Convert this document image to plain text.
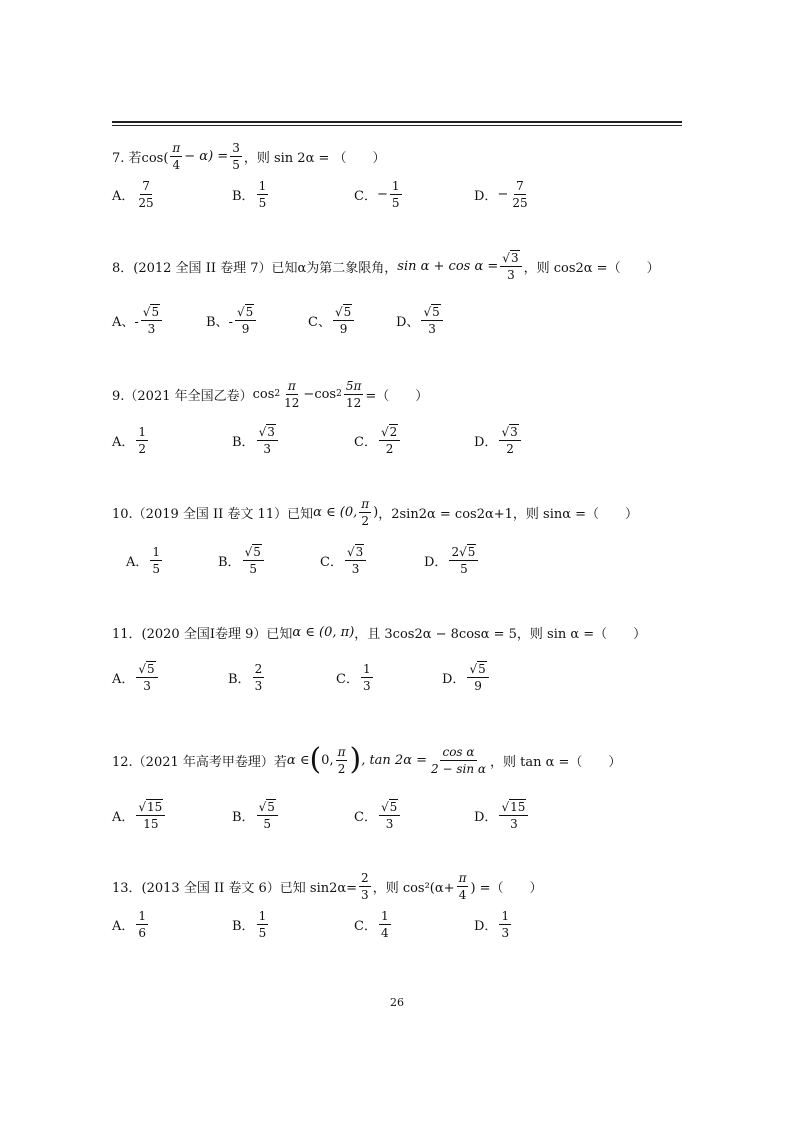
7. 若$\cos( \frac{\pi}{4} - \alpha) = \frac{3}{5}$ ，则 sin 2α = （　　）
A． $\frac{7}{25}$	B． $\frac{1}{5}$	C． − $\frac{1}{5}$	D． − $\frac{7}{25}$
8．(2012 全国 II 卷理 7）已知α为第二象限角， $\sin \alpha + \cos \alpha = \frac{√3}{3}$ ，则 cos2α =（　　）
A、- $\frac{√5}{3}$	B、- $\frac{√5}{9}$	C、 $\frac{√5}{9}$	D、 $\frac{√5}{3}$
9.（2021 年全国乙卷） $\cos 2 \frac{\pi}{12} - \cos 2 \frac{5\pi}{12}$ =（　　）
A． $\frac{1}{2}$	B． $\frac{√3}{3}$	C． $\frac{√2}{2}$	D． $\frac{√3}{2}$
10.（2019 全国 II 卷文 11）已知 α ∈ (0, $\frac{\pi}{2}$ ) ，2sin2α = cos2α+1，则 sinα =（　　）
A． $\frac{1}{5}$	B． $\frac{√5}{5}$	C． $\frac{√3}{3}$	D． $\frac{2√5}{5}$
11．(2020 全国I卷理 9）已知 α ∈ (0, π) ，且 3cos2α − 8cosα = 5，则 sin α =（　　）
A． $\frac{√5}{3}$	B． $\frac{2}{3}$	C． $\frac{1}{3}$	D． $\frac{√5}{9}$
12.（2021 年高考甲卷理）若 α ∈ ( 0, $\frac{\pi}{2}$ ) , $\tan 2\alpha = \frac{\text{cos α}}{\text{2 − sin α}}$ ，则 tan α =（　　）
A． $\frac{√15}{15}$	B． $\frac{√5}{5}$	C． $\frac{√5}{3}$	D． $\frac{√15}{3}$
13．(2013 全国 II 卷文 6）已知 $\sin 2\alpha= \frac{2}{3}$ ，则 $\cos^2(\alpha+ \frac{\pi}{4}$ ) =（　　）
A． $\frac{1}{6}$	B． $\frac{1}{5}$	C． $\frac{1}{4}$	D． $\frac{1}{3}$
26
